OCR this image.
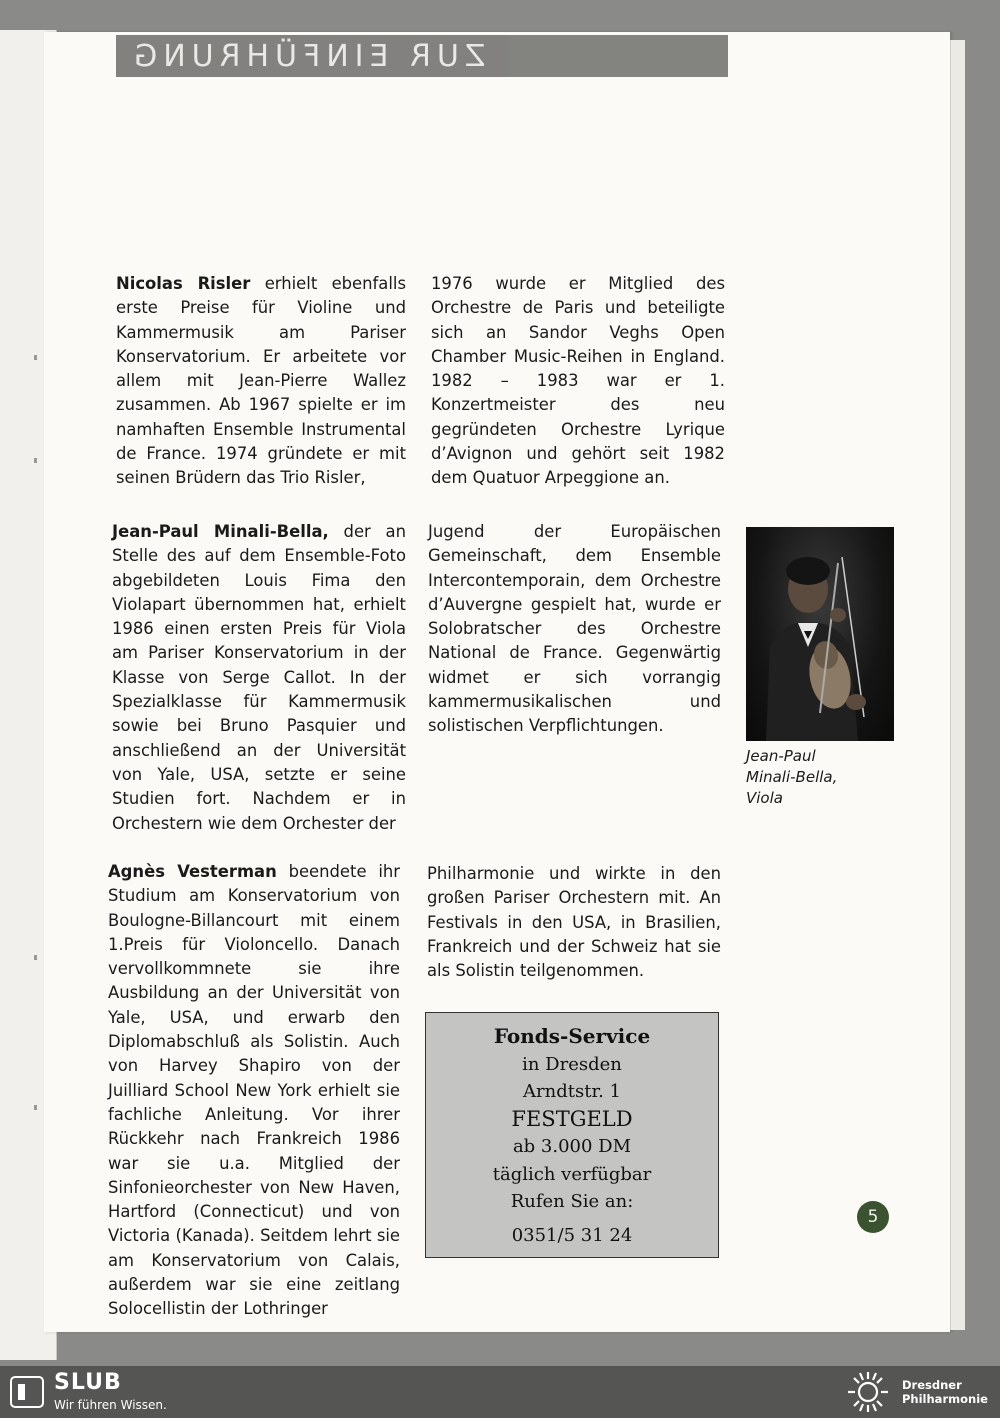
ZUR EINFÜHRUNG

Nicolas Risler erhielt ebenfalls erste Preise für Violine und Kammermusik am Pariser Konservatorium. Er arbeitete vor allem mit Jean-Pierre Wallez zusammen. Ab 1967 spielte er im namhaften Ensemble Instrumental de France. 1974 gründete er mit seinen Brüdern das Trio Risler,

1976 wurde er Mitglied des Orchestre de Paris und beteiligte sich an Sandor Veghs Open Chamber Music-Reihen in England. 1982 – 1983 war er 1. Konzertmeister des neu gegründeten Orchestre Lyrique d’Avignon und gehört seit 1982 dem Quatuor Arpeggione an.

Jean-Paul Minali-Bella, der an Stelle des auf dem Ensemble-Foto abgebildeten Louis Fima den Violapart übernommen hat, erhielt 1986 einen ersten Preis für Viola am Pariser Konservatorium in der Klasse von Serge Callot. In der Spezialklasse für Kammermusik sowie bei Bruno Pasquier und anschließend an der Universität von Yale, USA, setzte er seine Studien fort. Nachdem er in Orchestern wie dem Orchester der

Jugend der Europäischen Gemeinschaft, dem Ensemble Intercontemporain, dem Orchestre d’Auvergne gespielt hat, wurde er Solobratscher des Orchestre National de France. Gegenwärtig widmet er sich vorrangig kammermusikalischen und solistischen Verpflichtungen.

Jean-Paul
Minali-Bella,
Viola

Agnès Vesterman beendete ihr Studium am Konservatorium von Boulogne-Billancourt mit einem 1.Preis für Violoncello. Danach vervollkommnete sie ihre Ausbildung an der Universität von Yale, USA, und erwarb den Diplomabschluß als Solistin. Auch von Harvey Shapiro von der Juilliard School New York erhielt sie fachliche Anleitung. Vor ihrer Rückkehr nach Frankreich 1986 war sie u.a. Mitglied der Sinfonieorchester von New Haven, Hartford (Connecticut) und von Victoria (Kanada). Seitdem lehrt sie am Konservatorium von Calais, außerdem war sie eine zeitlang Solocellistin der Lothringer

Philharmonie und wirkte in den großen Pariser Orchestern mit. An Festivals in den USA, in Brasilien, Frankreich und der Schweiz hat sie als Solistin teilgenommen.

Fonds-Service
in Dresden
Arndtstr. 1
FESTGELD
ab 3.000 DM
täglich verfügbar
Rufen Sie an:
0351/5 31 24
5
SLUB
Wir führen Wissen.
Dresdner
Philharmonie
